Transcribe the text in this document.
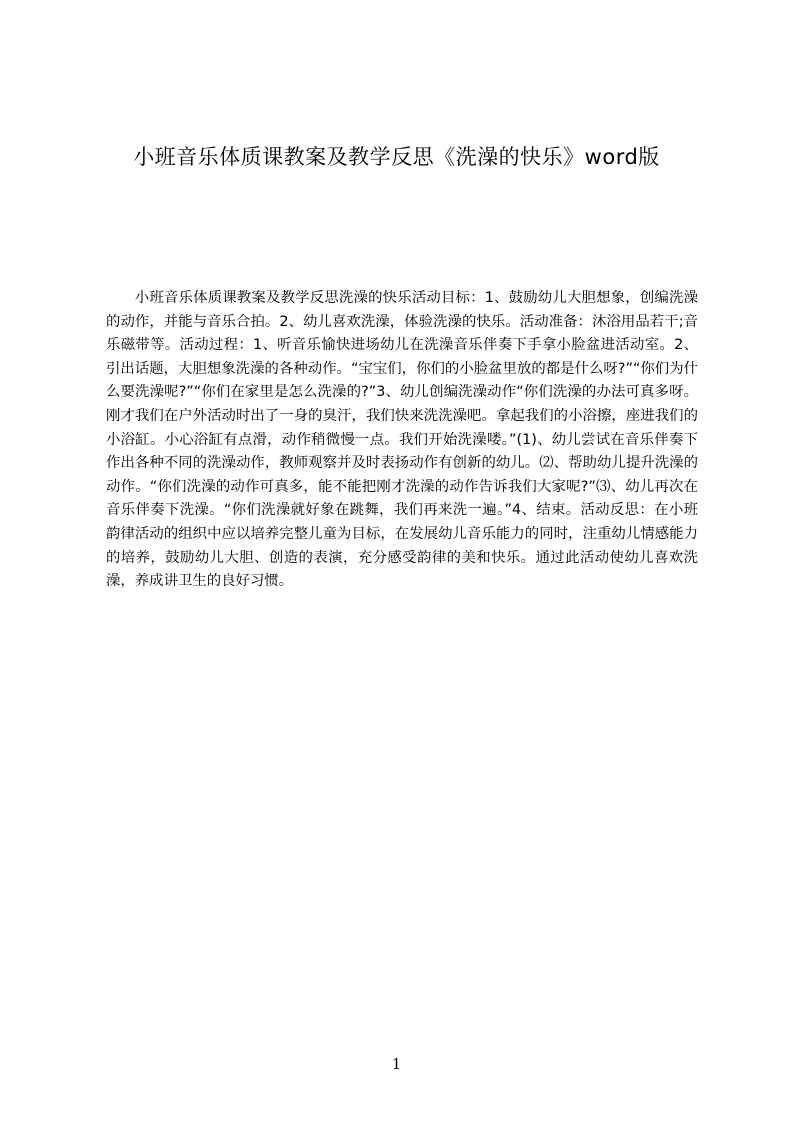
小班音乐体质课教案及教学反思《洗澡的快乐》word版
小班音乐体质课教案及教学反思洗澡的快乐活动目标：1、鼓励幼儿大胆想象，创编洗澡的动作，并能与音乐合拍。2、幼儿喜欢洗澡，体验洗澡的快乐。活动准备：沐浴用品若干;音乐磁带等。活动过程：1、听音乐愉快进场幼儿在洗澡音乐伴奏下手拿小脸盆进活动室。2、引出话题，大胆想象洗澡的各种动作。“宝宝们，你们的小脸盆里放的都是什么呀?”“你们为什么要洗澡呢?”“你们在家里是怎么洗澡的?”3、幼儿创编洗澡动作“你们洗澡的办法可真多呀。刚才我们在户外活动时出了一身的臭汗，我们快来洗洗澡吧。拿起我们的小浴擦，座进我们的小浴缸。小心浴缸有点滑，动作稍微慢一点。我们开始洗澡喽。”(1)、幼儿尝试在音乐伴奏下作出各种不同的洗澡动作，教师观察并及时表扬动作有创新的幼儿。⑵、帮助幼儿提升洗澡的动作。“你们洗澡的动作可真多，能不能把刚才洗澡的动作告诉我们大家呢?”⑶、幼儿再次在音乐伴奏下洗澡。“你们洗澡就好象在跳舞，我们再来洗一遍。”4、结束。活动反思：在小班韵律活动的组织中应以培养完整儿童为目标，在发展幼儿音乐能力的同时，注重幼儿情感能力的培养，鼓励幼儿大胆、创造的表演，充分感受韵律的美和快乐。通过此活动使幼儿喜欢洗澡，养成讲卫生的良好习惯。
1
